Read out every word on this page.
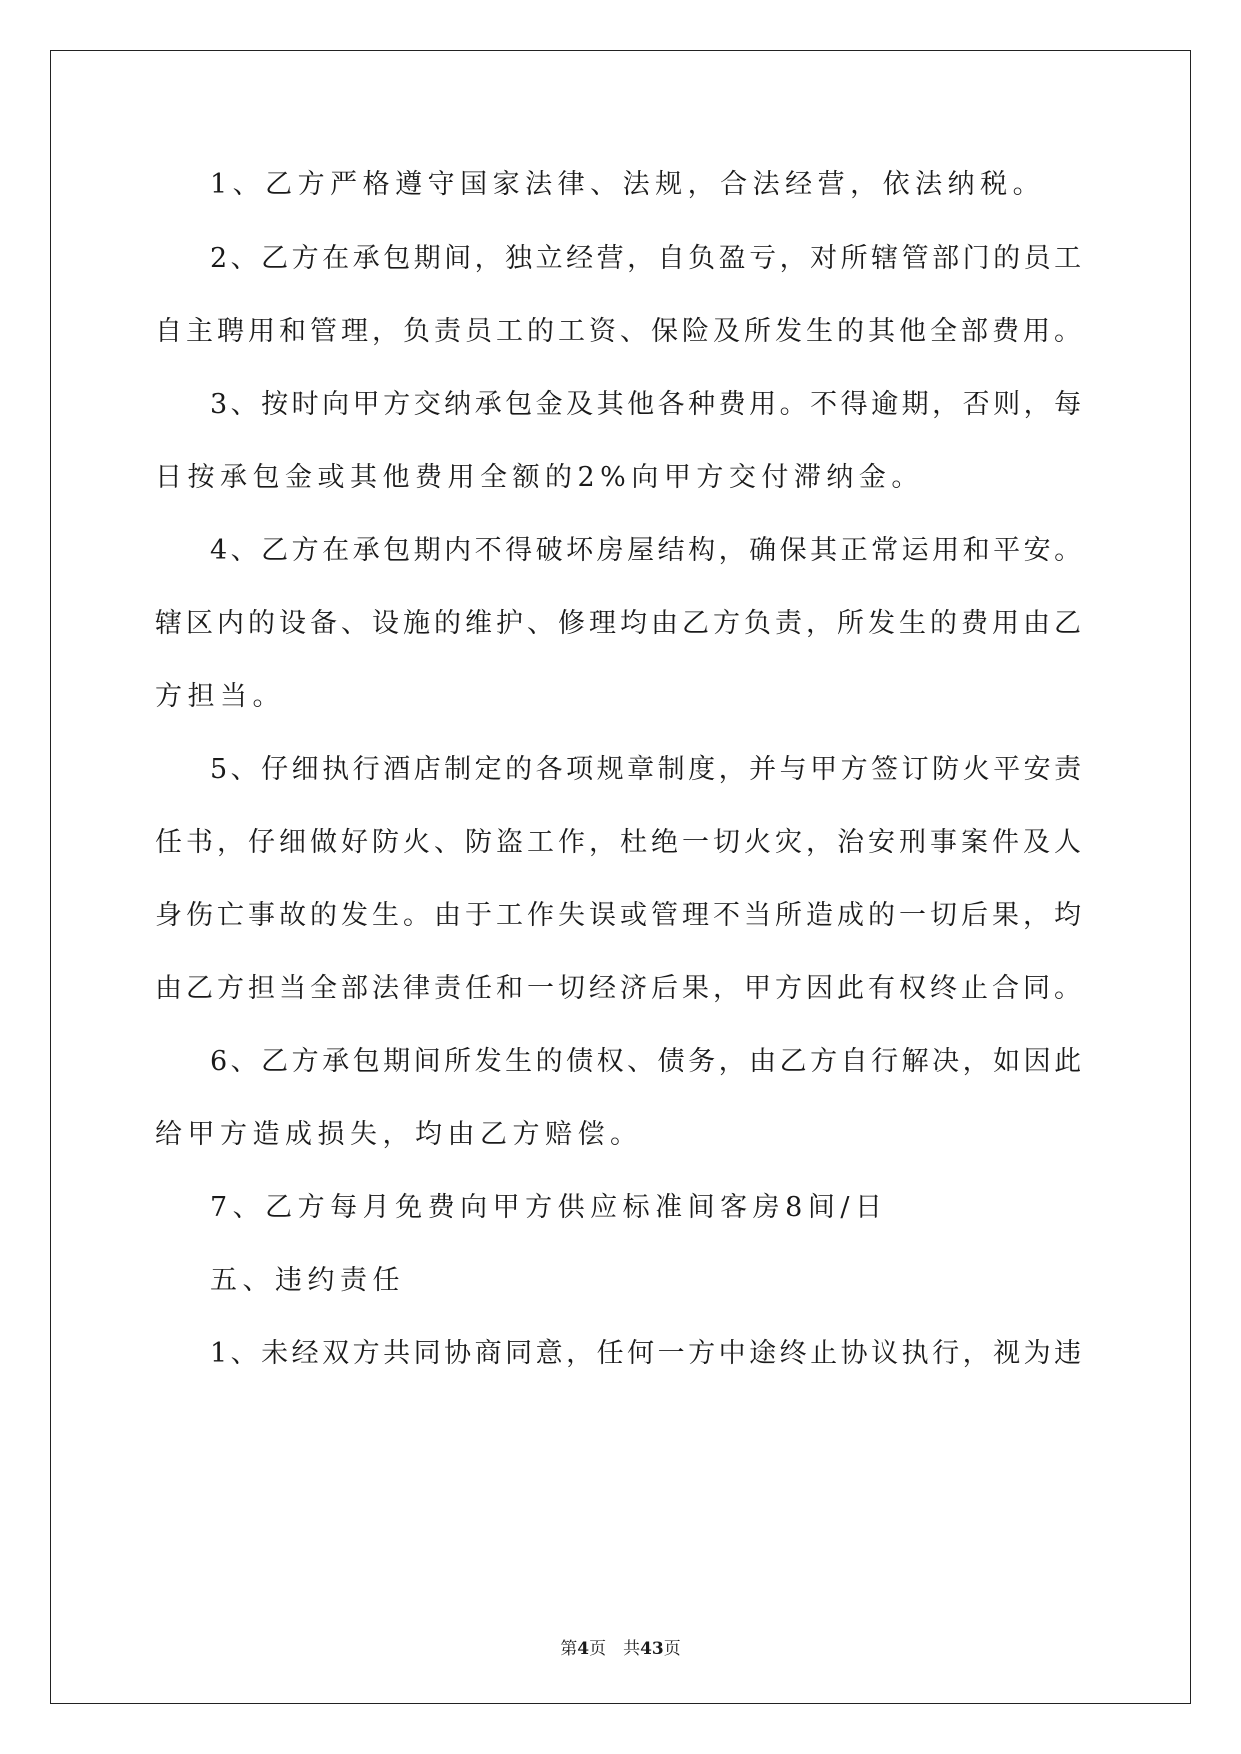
1、乙方严格遵守国家法律、法规，合法经营，依法纳税。
2、乙方在承包期间，独立经营，自负盈亏，对所辖管部门的员工
自主聘用和管理，负责员工的工资、保险及所发生的其他全部费用。
3、按时向甲方交纳承包金及其他各种费用。不得逾期，否则，每
日按承包金或其他费用全额的2%向甲方交付滞纳金。
4、乙方在承包期内不得破坏房屋结构，确保其正常运用和平安。
辖区内的设备、设施的维护、修理均由乙方负责，所发生的费用由乙
方担当。
5、仔细执行酒店制定的各项规章制度，并与甲方签订防火平安责
任书，仔细做好防火、防盗工作，杜绝一切火灾，治安刑事案件及人
身伤亡事故的发生。由于工作失误或管理不当所造成的一切后果，均
由乙方担当全部法律责任和一切经济后果，甲方因此有权终止合同。
6、乙方承包期间所发生的债权、债务，由乙方自行解决，如因此
给甲方造成损失，均由乙方赔偿。
7、乙方每月免费向甲方供应标准间客房8间/日
五、违约责任
1、未经双方共同协商同意，任何一方中途终止协议执行，视为违
第4页　共43页
